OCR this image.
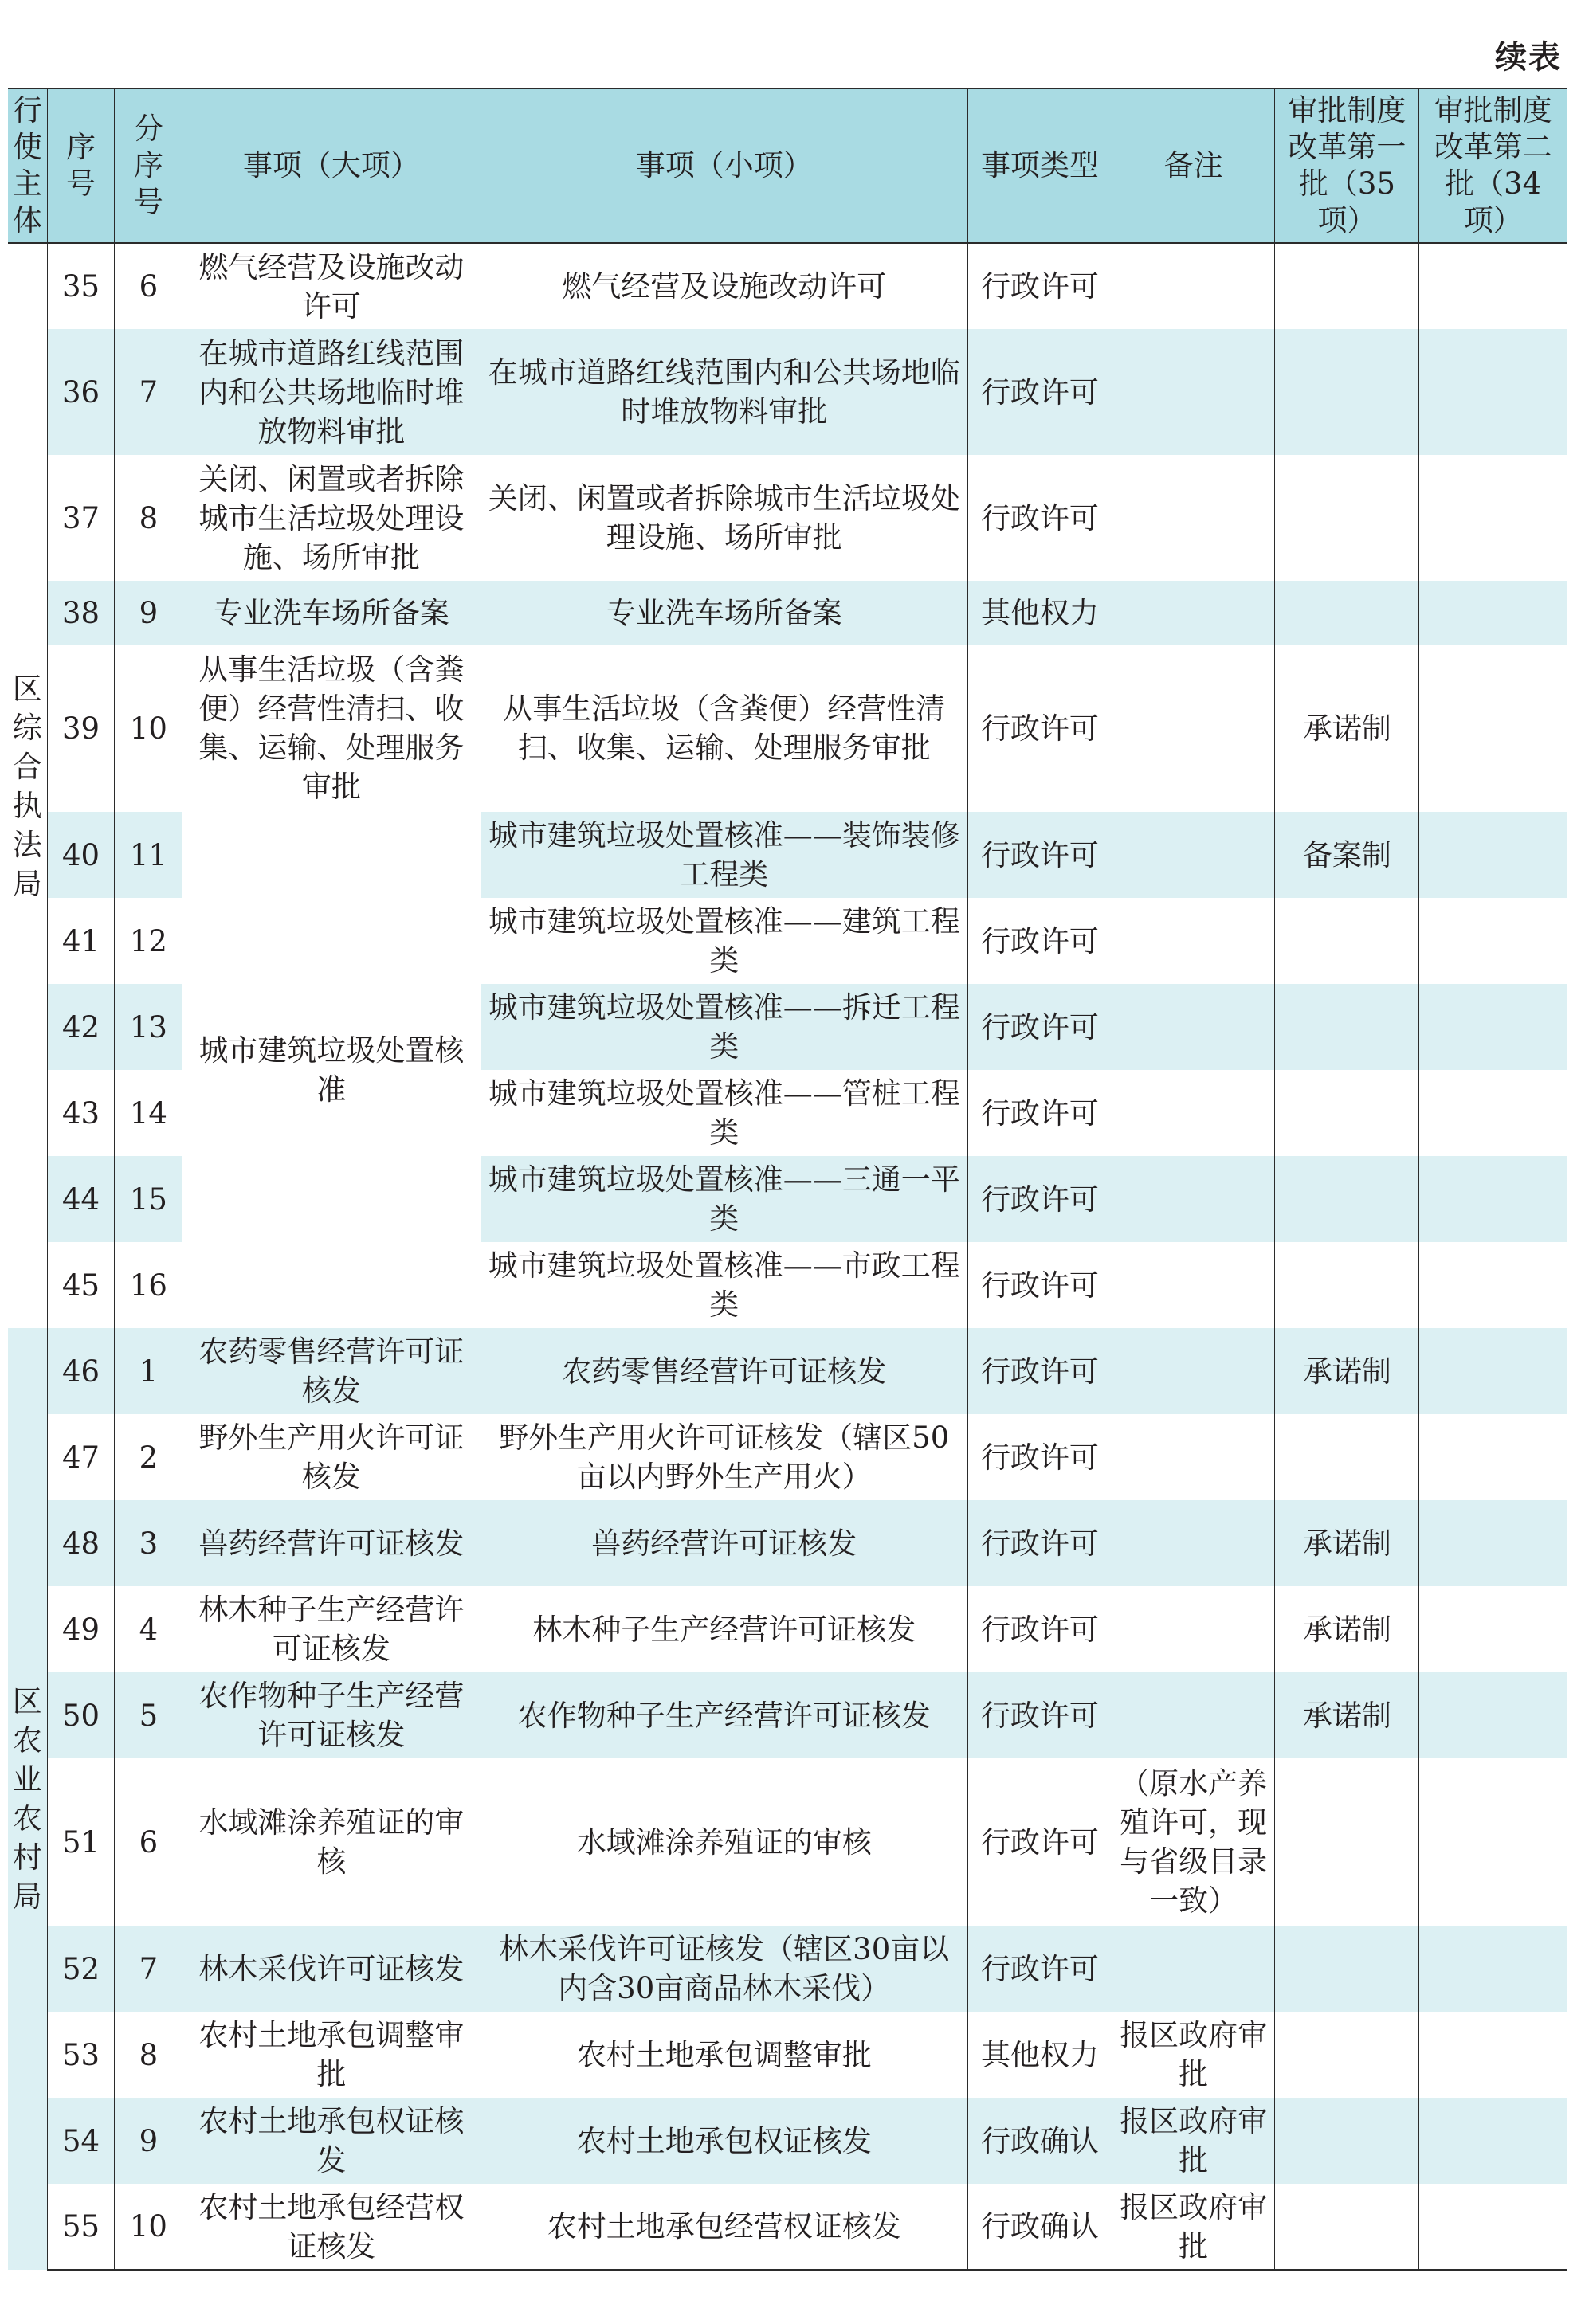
续表
行使主体	序号	分序号	事项（大项）	事项（小项）	事项类型	备注	审批制度改革第一批（35项）	审批制度改革第二批（34项）
区综合执法局	35	6	燃气经营及设施改动许可	燃气经营及设施改动许可	行政许可			
	36	7	在城市道路红线范围内和公共场地临时堆放物料审批	在城市道路红线范围内和公共场地临时堆放物料审批	行政许可			
	37	8	关闭、闲置或者拆除城市生活垃圾处理设施、场所审批	关闭、闲置或者拆除城市生活垃圾处理设施、场所审批	行政许可			
	38	9	专业洗车场所备案	专业洗车场所备案	其他权力			
	39	10	从事生活垃圾（含粪便）经营性清扫、收集、运输、处理服务审批	从事生活垃圾（含粪便）经营性清扫、收集、运输、处理服务审批	行政许可		承诺制	
	40	11	城市建筑垃圾处置核准	城市建筑垃圾处置核准——装饰装修工程类	行政许可		备案制	
	41	12		城市建筑垃圾处置核准——建筑工程类	行政许可			
	42	13		城市建筑垃圾处置核准——拆迁工程类	行政许可			
	43	14		城市建筑垃圾处置核准——管桩工程类	行政许可			
	44	15		城市建筑垃圾处置核准——三通一平类	行政许可			
	45	16		城市建筑垃圾处置核准——市政工程类	行政许可			
区农业农村局	46	1	农药零售经营许可证核发	农药零售经营许可证核发	行政许可		承诺制	
	47	2	野外生产用火许可证核发	野外生产用火许可证核发（辖区50亩以内野外生产用火）	行政许可			
	48	3	兽药经营许可证核发	兽药经营许可证核发	行政许可		承诺制	
	49	4	林木种子生产经营许可证核发	林木种子生产经营许可证核发	行政许可		承诺制	
	50	5	农作物种子生产经营许可证核发	农作物种子生产经营许可证核发	行政许可		承诺制	
	51	6	水域滩涂养殖证的审核	水域滩涂养殖证的审核	行政许可	（原水产养殖许可，现与省级目录一致）		
	52	7	林木采伐许可证核发	林木采伐许可证核发（辖区30亩以内含30亩商品林木采伐）	行政许可			
	53	8	农村土地承包调整审批	农村土地承包调整审批	其他权力	报区政府审批		
	54	9	农村土地承包权证核发	农村土地承包权证核发	行政确认	报区政府审批		
	55	10	农村土地承包经营权证核发	农村土地承包经营权证核发	行政确认	报区政府审批		
